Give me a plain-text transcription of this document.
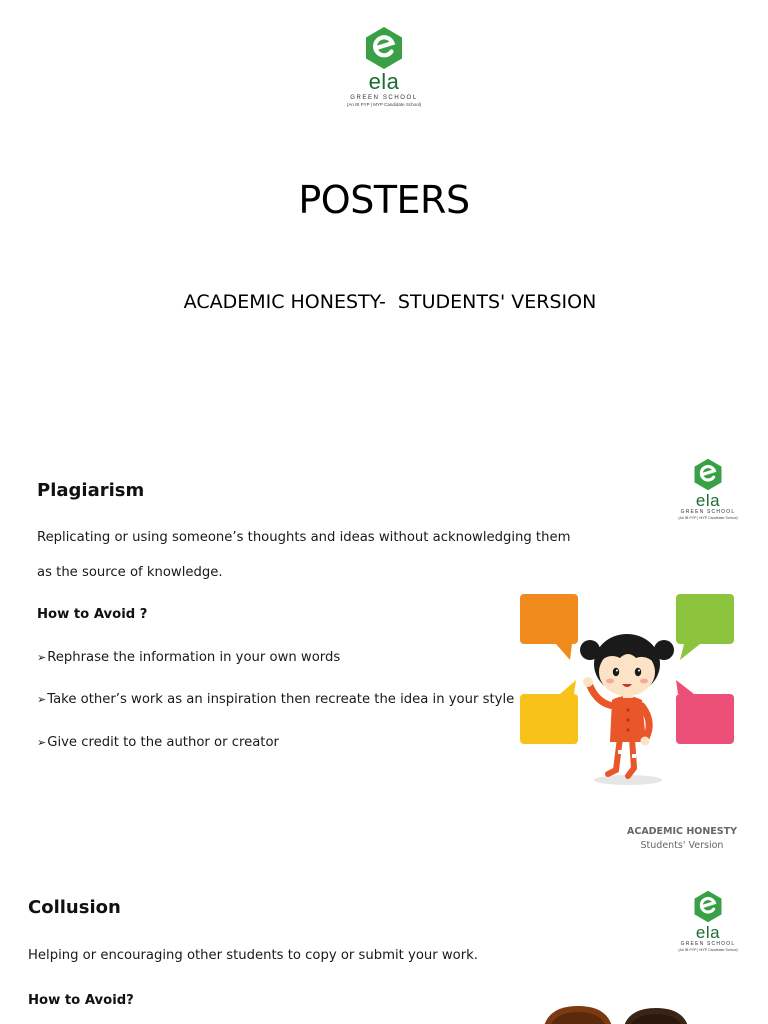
ela
GREEN SCHOOL
(An IB PYP | MYP Candidate School)
POSTERS
ACADEMIC HONESTY-  STUDENTS' VERSION
ela
GREEN SCHOOL
(An IB PYP | MYP Candidate School)
Plagiarism
Replicating or using someone’s thoughts and ideas without acknowledging them
as the source of knowledge.
How to Avoid ?
➢ Rephrase the information in your own words
➢ Take other’s work as an inspiration then recreate the idea in your style
➢ Give credit to the author or creator
ACADEMIC HONESTY
Students' Version
ela
GREEN SCHOOL
(An IB PYP | MYP Candidate School)
Collusion
Helping or encouraging other students to copy or submit your work.
How to Avoid?
